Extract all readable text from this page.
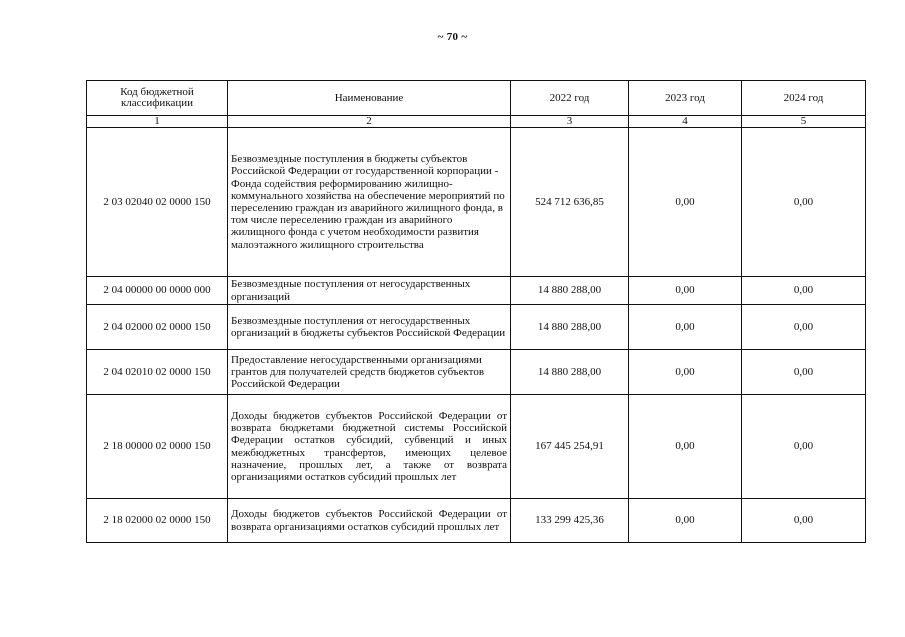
~ 70 ~
Код бюджетной классификации	Наименование	2022 год	2023 год	2024 год
1	2	3	4	5
2 03 02040 02 0000 150	Безвозмездные поступления в бюджеты субъектов Российской Федерации от государственной корпорации - Фонда содействия реформированию жилищно-коммунального хозяйства на обеспечение мероприятий по переселению граждан из аварийного жилищного фонда, в том числе переселению граждан из аварийного жилищного фонда с учетом необходимости развития малоэтажного жилищного строительства	524 712 636,85	0,00	0,00
2 04 00000 00 0000 000	Безвозмездные поступления от негосударственных организаций	14 880 288,00	0,00	0,00
2 04 02000 02 0000 150	Безвозмездные поступления от негосударственных организаций в бюджеты субъектов Российской Федерации	14 880 288,00	0,00	0,00
2 04 02010 02 0000 150	Предоставление негосударственными организациями грантов для получателей средств бюджетов субъектов Российской Федерации	14 880 288,00	0,00	0,00
2 18 00000 02 0000 150	Доходы бюджетов субъектов Российской Федерации от возврата бюджетами бюджетной системы Российской Федерации остатков субсидий, субвенций и иных межбюджетных трансфертов, имеющих целевое назначение, прошлых лет, а также от возврата организациями остатков субсидий прошлых лет	167 445 254,91	0,00	0,00
2 18 02000 02 0000 150	Доходы бюджетов субъектов Российской Федерации от возврата организациями остатков субсидий прошлых лет	133 299 425,36	0,00	0,00
